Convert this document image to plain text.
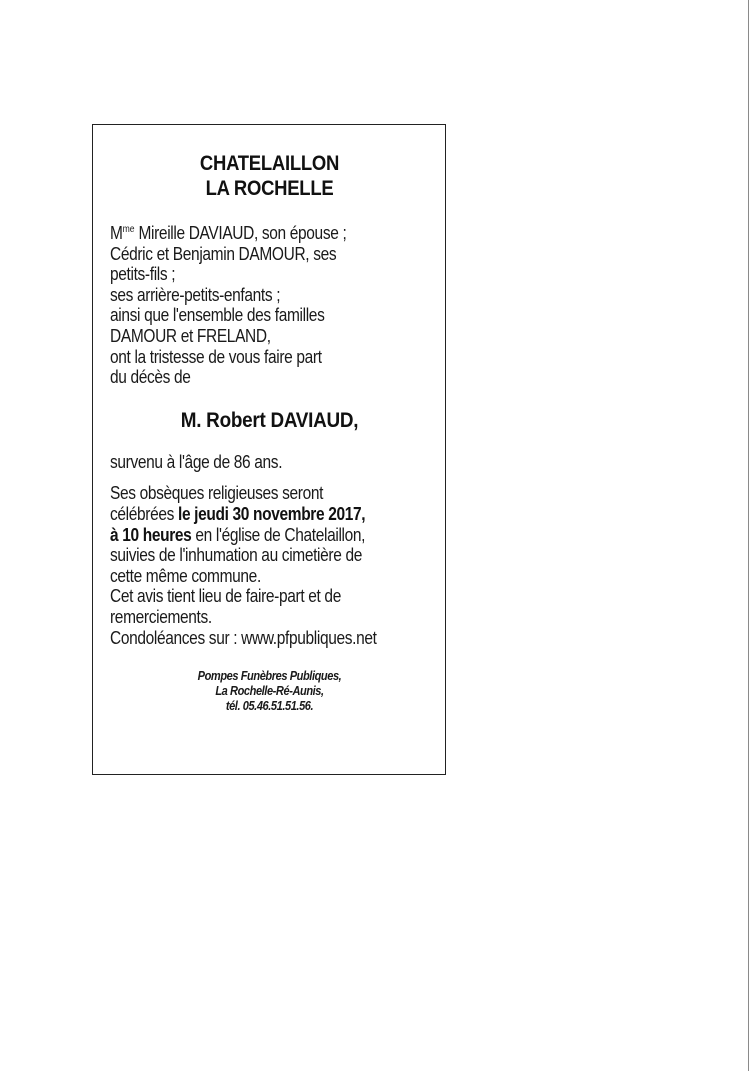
CHATELAILLON
LA ROCHELLE
$M^{me}$ Mireille DAVIAUD, son épouse ;
Cédric et Benjamin DAMOUR, ses
petits-fils ;
ses arrière-petits-enfants ;
ainsi que l'ensemble des familles
DAMOUR et FRELAND,
ont la tristesse de vous faire part
du décès de
M. Robert DAVIAUD,
survenu à l'âge de 86 ans.
Ses obsèques religieuses seront
célébrées le jeudi 30 novembre 2017,
à 10 heures en l'église de Chatelaillon,
suivies de l'inhumation au cimetière de
cette même commune.
Cet avis tient lieu de faire-part et de
remerciements.
Condoléances sur : www.pfpubliques.net
Pompes Funèbres Publiques,
La Rochelle-Ré-Aunis,
tél. 05.46.51.51.56.
